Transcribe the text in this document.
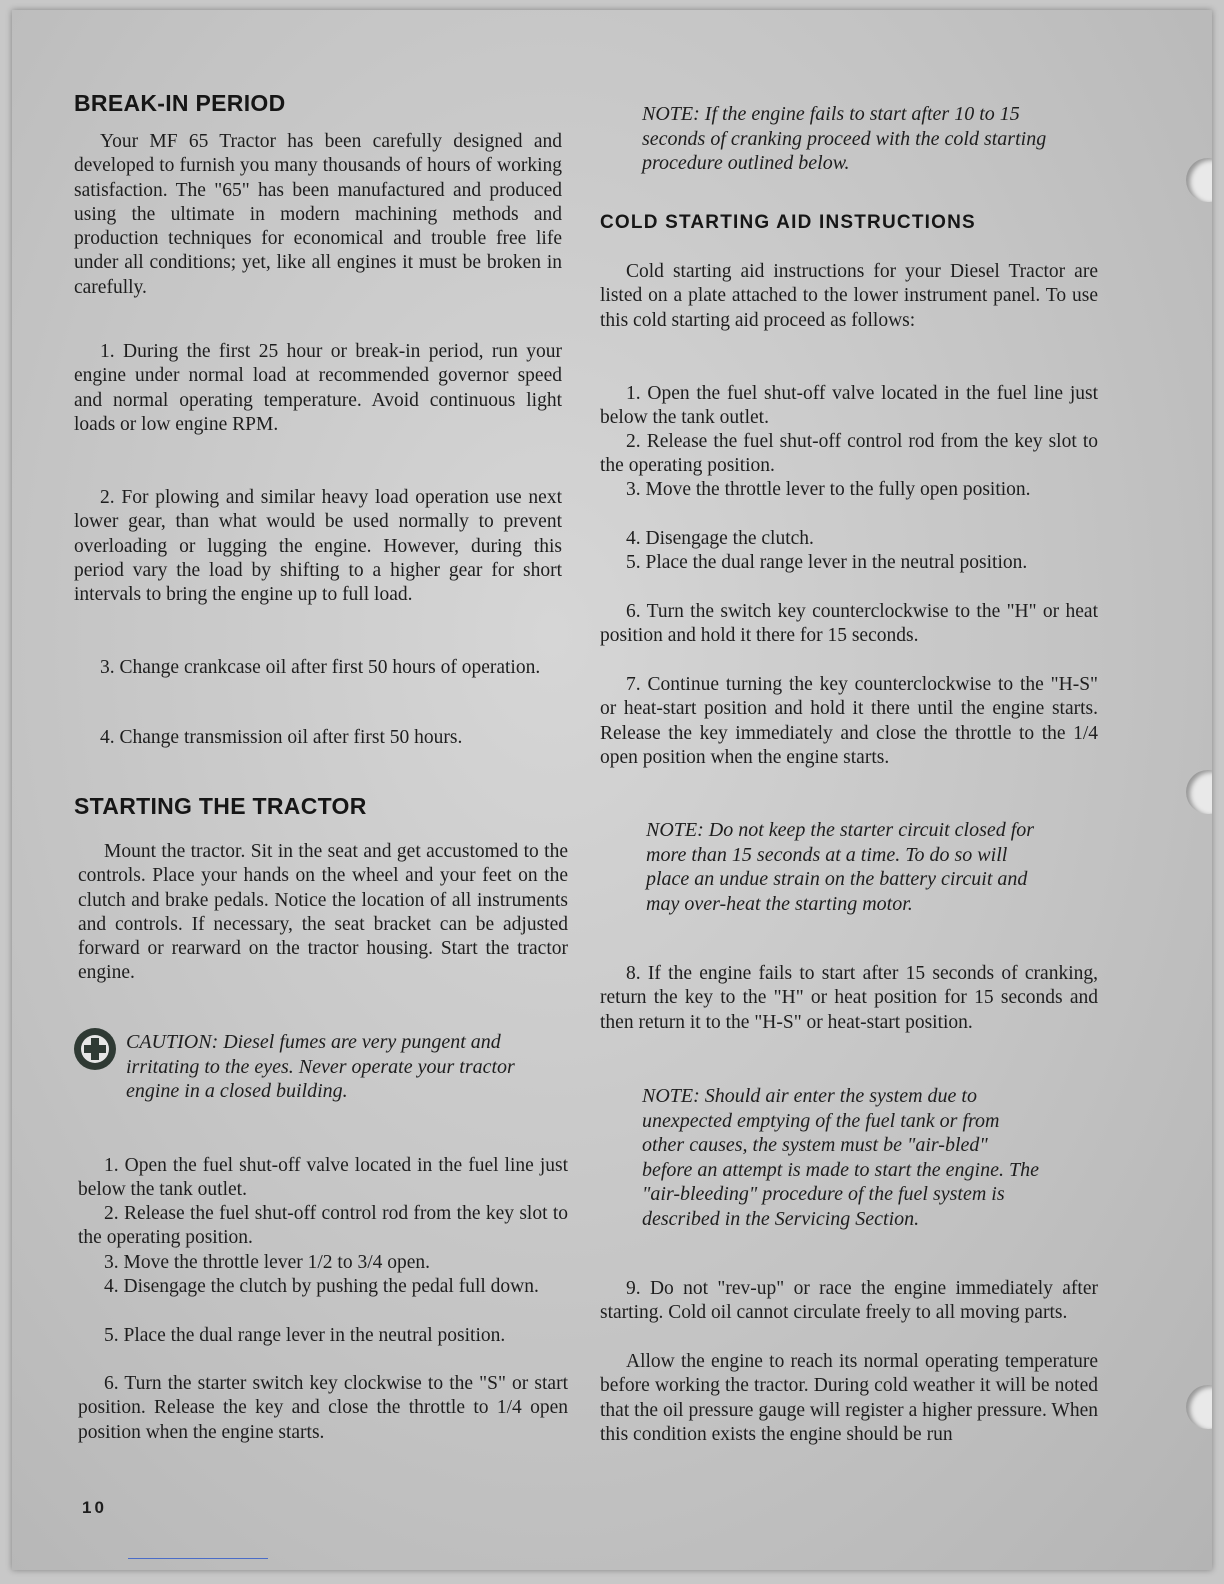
BREAK-IN PERIOD

Your MF 65 Tractor has been carefully designed and developed to furnish you many thousands of hours of working satisfaction. The "65" has been manufactured and produced using the ultimate in modern machining methods and production techniques for economical and trouble free life under all conditions; yet, like all engines it must be broken in carefully.

1. During the first 25 hour or break-in period, run your engine under normal load at recommended governor speed and normal operating temperature. Avoid continuous light loads or low engine RPM.

2. For plowing and similar heavy load operation use next lower gear, than what would be used normally to prevent overloading or lugging the engine. However, during this period vary the load by shifting to a higher gear for short intervals to bring the engine up to full load.

3. Change crankcase oil after first 50 hours of operation.

4. Change transmission oil after first 50 hours.

STARTING THE TRACTOR

Mount the tractor. Sit in the seat and get accustomed to the controls. Place your hands on the wheel and your feet on the clutch and brake pedals. Notice the location of all instruments and controls. If necessary, the seat bracket can be adjusted forward or rearward on the tractor housing. Start the tractor engine.

CAUTION: Diesel fumes are very pungent and irritating to the eyes. Never operate your tractor engine in a closed building.

1. Open the fuel shut-off valve located in the fuel line just below the tank outlet.

2. Release the fuel shut-off control rod from the key slot to the operating position.

3. Move the throttle lever 1/2 to 3/4 open.

4. Disengage the clutch by pushing the pedal full down.

5. Place the dual range lever in the neutral position.

6. Turn the starter switch key clockwise to the "S" or start position. Release the key and close the throttle to 1/4 open position when the engine starts.

NOTE: If the engine fails to start after 10 to 15 seconds of cranking proceed with the cold starting procedure outlined below.

COLD STARTING AID INSTRUCTIONS

Cold starting aid instructions for your Diesel Tractor are listed on a plate attached to the lower instrument panel. To use this cold starting aid proceed as follows:

1. Open the fuel shut-off valve located in the fuel line just below the tank outlet.

2. Release the fuel shut-off control rod from the key slot to the operating position.

3. Move the throttle lever to the fully open position.

4. Disengage the clutch.

5. Place the dual range lever in the neutral position.

6. Turn the switch key counterclockwise to the "H" or heat position and hold it there for 15 seconds.

7. Continue turning the key counterclockwise to the "H-S" or heat-start position and hold it there until the engine starts. Release the key immediately and close the throttle to the 1/4 open position when the engine starts.

NOTE: Do not keep the starter circuit closed for more than 15 seconds at a time. To do so will place an undue strain on the battery circuit and may over-heat the starting motor.

8. If the engine fails to start after 15 seconds of cranking, return the key to the "H" or heat position for 15 seconds and then return it to the "H-S" or heat-start position.

NOTE: Should air enter the system due to unexpected emptying of the fuel tank or from other causes, the system must be "air-bled" before an attempt is made to start the engine. The "air-bleeding" procedure of the fuel system is described in the Servicing Section.

9. Do not "rev-up" or race the engine immediately after starting. Cold oil cannot circulate freely to all moving parts.

Allow the engine to reach its normal operating temperature before working the tractor. During cold weather it will be noted that the oil pressure gauge will register a higher pressure. When this condition exists the engine should be run

10
